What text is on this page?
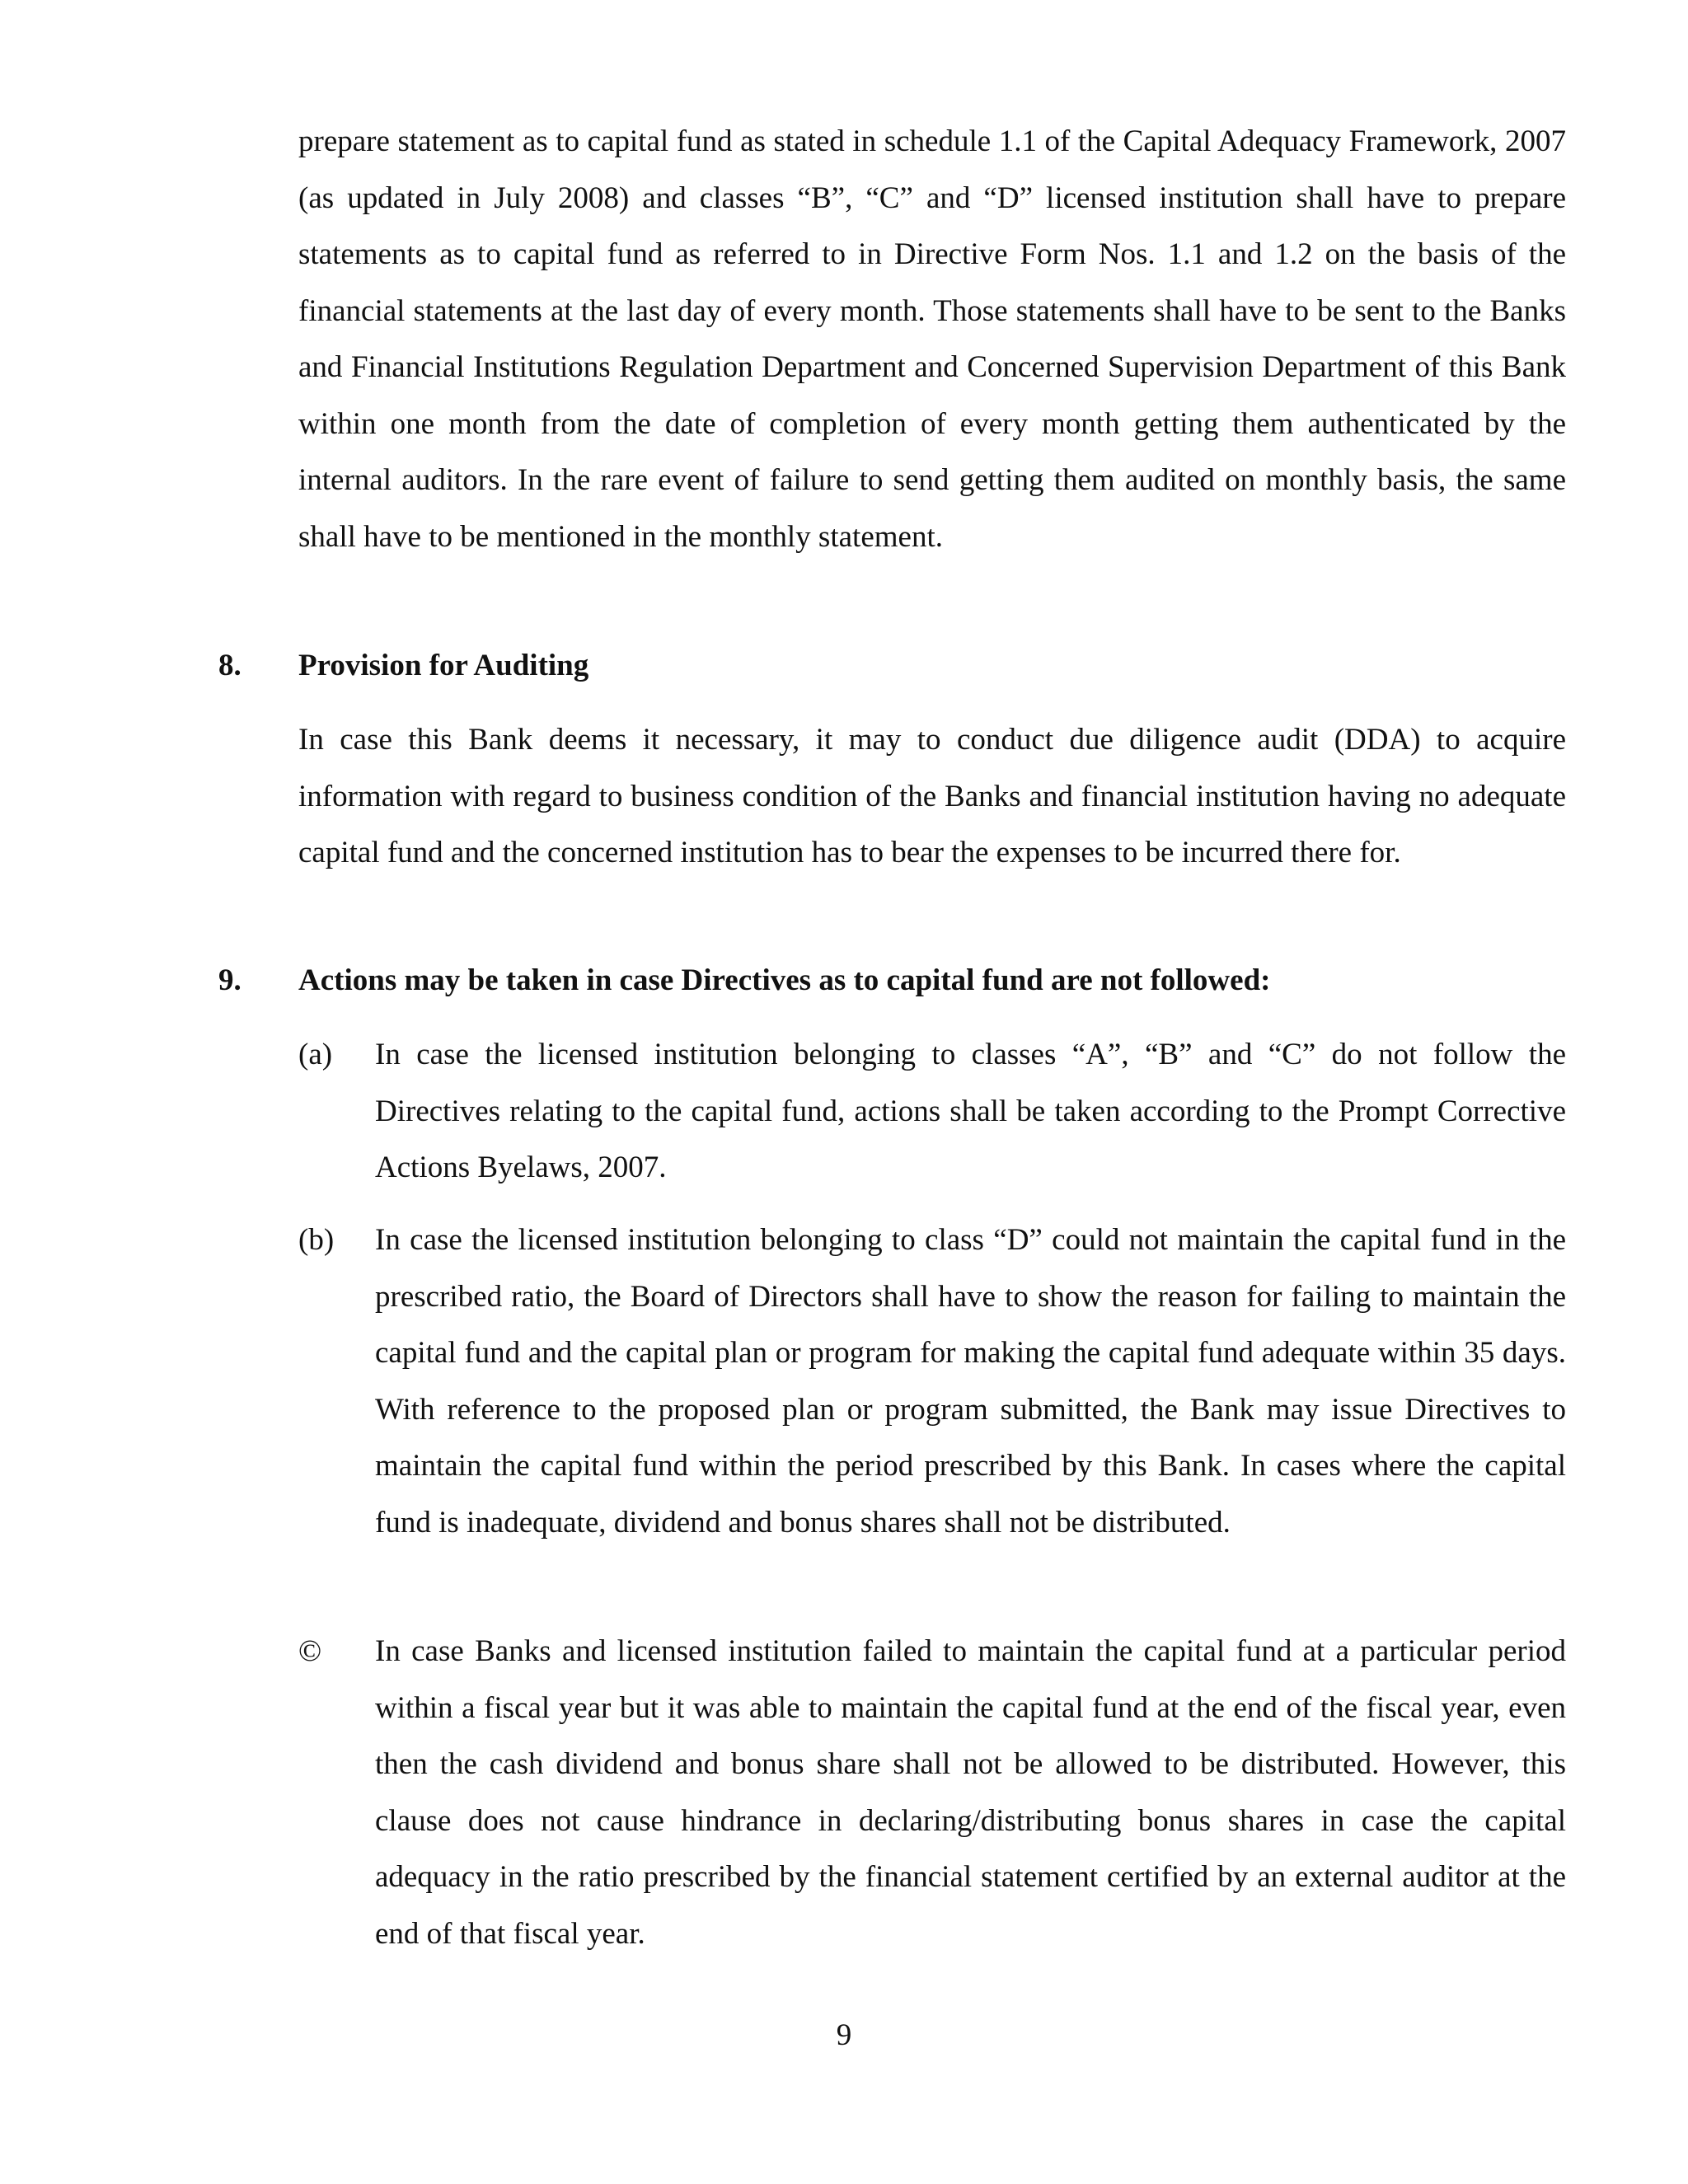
prepare statement as to capital fund as stated in schedule 1.1 of the Capital Adequacy Framework, 2007 (as updated in July 2008) and classes “B”, “C” and “D” licensed institution shall have to prepare statements as to capital fund as referred to in Directive Form Nos. 1.1 and 1.2 on the basis of the financial statements at the last day of every month. Those statements shall have to be sent to the Banks and Financial Institutions Regulation Department and Concerned Supervision Department of this Bank within one month from the date of completion of every month getting them authenticated by the internal auditors. In the rare event of failure to send getting them audited on monthly basis, the same shall have to be mentioned in the monthly statement.

8. Provision for Auditing

In case this Bank deems it necessary, it may to conduct due diligence audit (DDA) to acquire information with regard to business condition of the Banks and financial institution having no adequate capital fund and the concerned institution has to bear the expenses to be incurred there for.

9. Actions may be taken in case Directives as to capital fund are not followed:
(a) In case the licensed institution belonging to classes “A”, “B” and “C” do not follow the Directives relating to the capital fund, actions shall be taken according to the Prompt Corrective Actions Byelaws, 2007.
(b) In case the licensed institution belonging to class “D” could not maintain the capital fund in the prescribed ratio, the Board of Directors shall have to show the reason for failing to maintain the capital fund and the capital plan or program for making the capital fund adequate within 35 days. With reference to the proposed plan or program submitted, the Bank may issue Directives to maintain the capital fund within the period prescribed by this Bank. In cases where the capital fund is inadequate, dividend and bonus shares shall not be distributed.
© In case Banks and licensed institution failed to maintain the capital fund at a particular period within a fiscal year but it was able to maintain the capital fund at the end of the fiscal year, even then the cash dividend and bonus share shall not be allowed to be distributed. However, this clause does not cause hindrance in declaring/distributing bonus shares in case the capital adequacy in the ratio prescribed by the financial statement certified by an external auditor at the end of that fiscal year.
9
